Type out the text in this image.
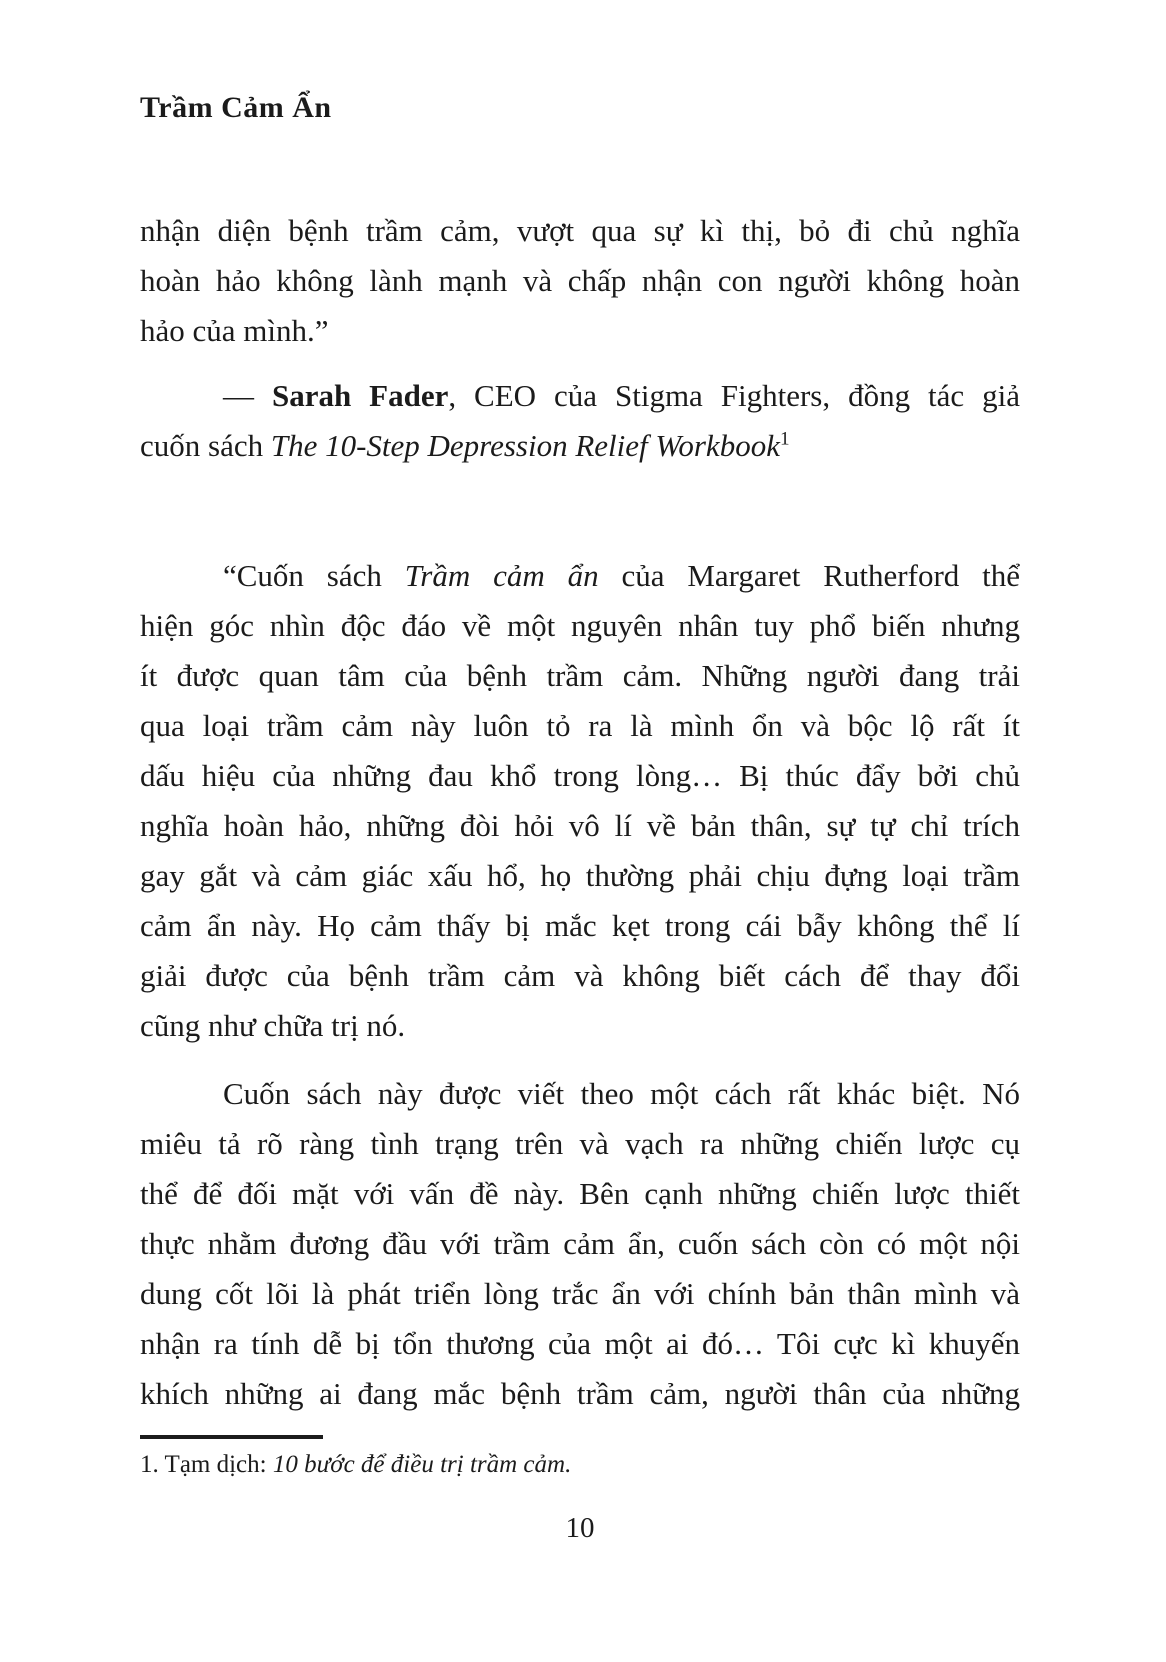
Trầm Cảm Ẩn
nhận diện bệnh trầm cảm, vượt qua sự kì thị, bỏ đi chủ nghĩa
hoàn hảo không lành mạnh và chấp nhận con người không hoàn
hảo của mình.”
— Sarah Fader, CEO của Stigma Fighters, đồng tác giả
cuốn sách The 10-Step Depression Relief Workbook$^1$
“Cuốn sách Trầm cảm ẩn của Margaret Rutherford thể
hiện góc nhìn độc đáo về một nguyên nhân tuy phổ biến nhưng
ít được quan tâm của bệnh trầm cảm. Những người đang trải
qua loại trầm cảm này luôn tỏ ra là mình ổn và bộc lộ rất ít
dấu hiệu của những đau khổ trong lòng… Bị thúc đẩy bởi chủ
nghĩa hoàn hảo, những đòi hỏi vô lí về bản thân, sự tự chỉ trích
gay gắt và cảm giác xấu hổ, họ thường phải chịu đựng loại trầm
cảm ẩn này. Họ cảm thấy bị mắc kẹt trong cái bẫy không thể lí
giải được của bệnh trầm cảm và không biết cách để thay đổi
cũng như chữa trị nó.
Cuốn sách này được viết theo một cách rất khác biệt. Nó
miêu tả rõ ràng tình trạng trên và vạch ra những chiến lược cụ
thể để đối mặt với vấn đề này. Bên cạnh những chiến lược thiết
thực nhằm đương đầu với trầm cảm ẩn, cuốn sách còn có một nội
dung cốt lõi là phát triển lòng trắc ẩn với chính bản thân mình và
nhận ra tính dễ bị tổn thương của một ai đó… Tôi cực kì khuyến
khích những ai đang mắc bệnh trầm cảm, người thân của những
1. Tạm dịch: 10 bước để điều trị trầm cảm.
10
